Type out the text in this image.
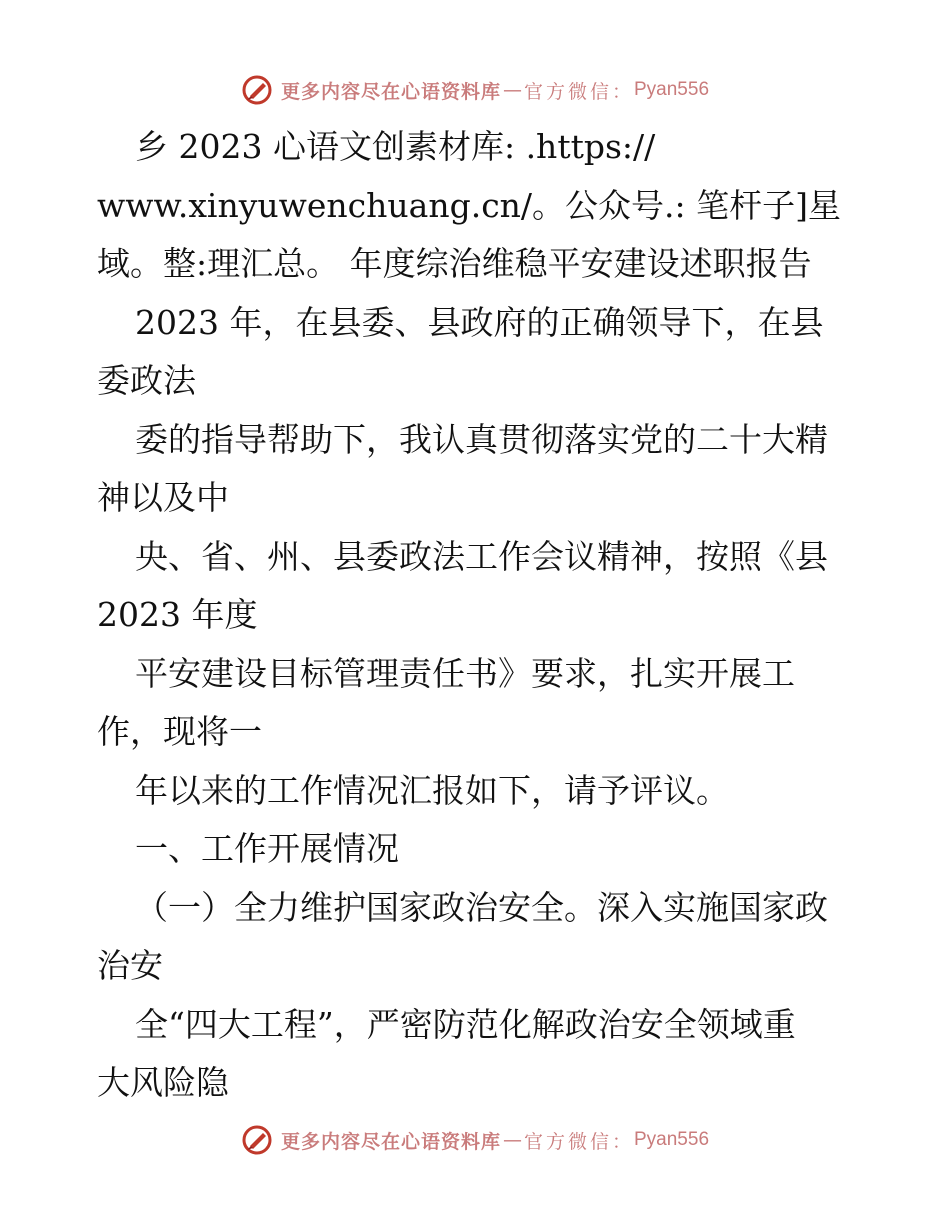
更多内容尽在心语资料库 — 官方微信： Pyan556
乡 2023 心语文创素材库: .https://
www.xinyuwenchuang.cn/。公众号.: 笔杆子]星
域。整:理汇总。 年度综治维稳平安建设述职报告
2023 年，在县委、县政府的正确领导下，在县
委政法
委的指导帮助下，我认真贯彻落实党的二十大精
神以及中
央、省、州、县委政法工作会议精神，按照《县
2023 年度
平安建设目标管理责任书》要求，扎实开展工
作，现将一
年以来的工作情况汇报如下，请予评议。
一、工作开展情况
（一）全力维护国家政治安全。深入实施国家政
治安
全“四大工程”，严密防范化解政治安全领域重
大风险隐
更多内容尽在心语资料库 — 官方微信： Pyan556
